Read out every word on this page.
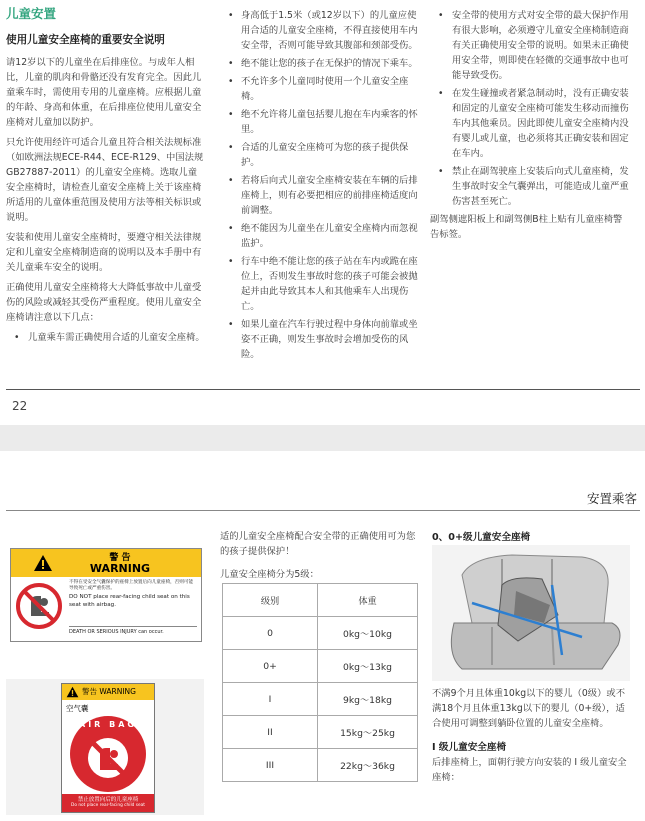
儿童安置

使用儿童安全座椅的重要安全说明

请12岁以下的儿童坐在后排座位。与成年人相比，儿童的肌肉和骨骼还没有发育完全。因此儿童乘车时，需使用专用的儿童座椅。应根据儿童的年龄、身高和体重，在后排座位使用儿童安全座椅对儿童加以防护。

只允许使用经许可适合儿童且符合相关法规标准（如欧洲法规ECE-R44、ECE-R129、中国法规GB27887-2011）的儿童安全座椅。选取儿童安全座椅时，请检查儿童安全座椅上关于该座椅所适用的儿童体重范围及使用方法等相关标识或说明。

安装和使用儿童安全座椅时，要遵守相关法律规定和儿童安全座椅制造商的说明以及本手册中有关儿童乘车安全的说明。

正确使用儿童安全座椅将大大降低事故中儿童受伤的风险或减轻其受伤严重程度。使用儿童安全座椅请注意以下几点：

• 儿童乘车需正确使用合适的儿童安全座椅。
• 身高低于1.5米（或12岁以下）的儿童应使用合适的儿童安全座椅，不得直接使用车内安全带，否则可能导致其腹部和颈部受伤。
• 绝不能让您的孩子在无保护的情况下乘车。
• 不允许多个儿童同时使用一个儿童安全座椅。
• 绝不允许将儿童包括婴儿抱在车内乘客的怀里。
• 合适的儿童安全座椅可为您的孩子提供保护。
• 若将后向式儿童安全座椅安装在车辆的后排座椅上，则有必要把相应的前排座椅适度向前调整。
• 绝不能因为儿童坐在儿童安全座椅内而忽视监护。
• 行车中绝不能让您的孩子站在车内或跪在座位上，否则发生事故时您的孩子可能会被抛起并由此导致其本人和其他乘车人出现伤亡。
• 如果儿童在汽车行驶过程中身体向前靠或坐姿不正确，则发生事故时会增加受伤的风险。
• 安全带的使用方式对安全带的最大保护作用有很大影响，必须遵守儿童安全座椅制造商有关正确使用安全带的说明。如果未正确使用安全带，则即使在轻微的交通事故中也可能导致受伤。
• 在发生碰撞或者紧急制动时，没有正确安装和固定的儿童安全座椅可能发生移动而撞伤车内其他乘员。因此即使儿童安全座椅内没有婴儿或儿童，也必须将其正确安装和固定在车内。
• 禁止在副驾驶座上安装后向式儿童座椅，发生事故时安全气囊弹出，可能造成儿童严重伤害甚至死亡。

副驾侧遮阳板上和副驾侧B柱上贴有儿童座椅警告标签。

22
安置乘客
警 告
WARNING
不得在受安全气囊保护的座椅上放置后向儿童座椅，否则可能导致死亡或严重伤害。
DO NOT place rear-facing child seat on this seat with airbag.
DEATH OR SERIOUS INJURY can occur.
警告 WARNING
空气囊
AIR BAG
禁止放置向后的儿童座椅
Do not place rear-facing child seat

适的儿童安全座椅配合安全带的正确使用可为您的孩子提供保护！

儿童安全座椅分为5级：

级别	体重
0	0kg～10kg
0+	0kg～13kg
I	9kg～18kg
II	15kg～25kg
III	22kg～36kg
0、0+级儿童安全座椅
不满9个月且体重10kg以下的婴儿（0级）或不满18个月且体重13kg以下的婴儿（0+级），适合使用可调整到躺卧位置的儿童安全座椅。
I 级儿童安全座椅
后排座椅上，面朝行驶方向安装的 I 级儿童安全座椅：
